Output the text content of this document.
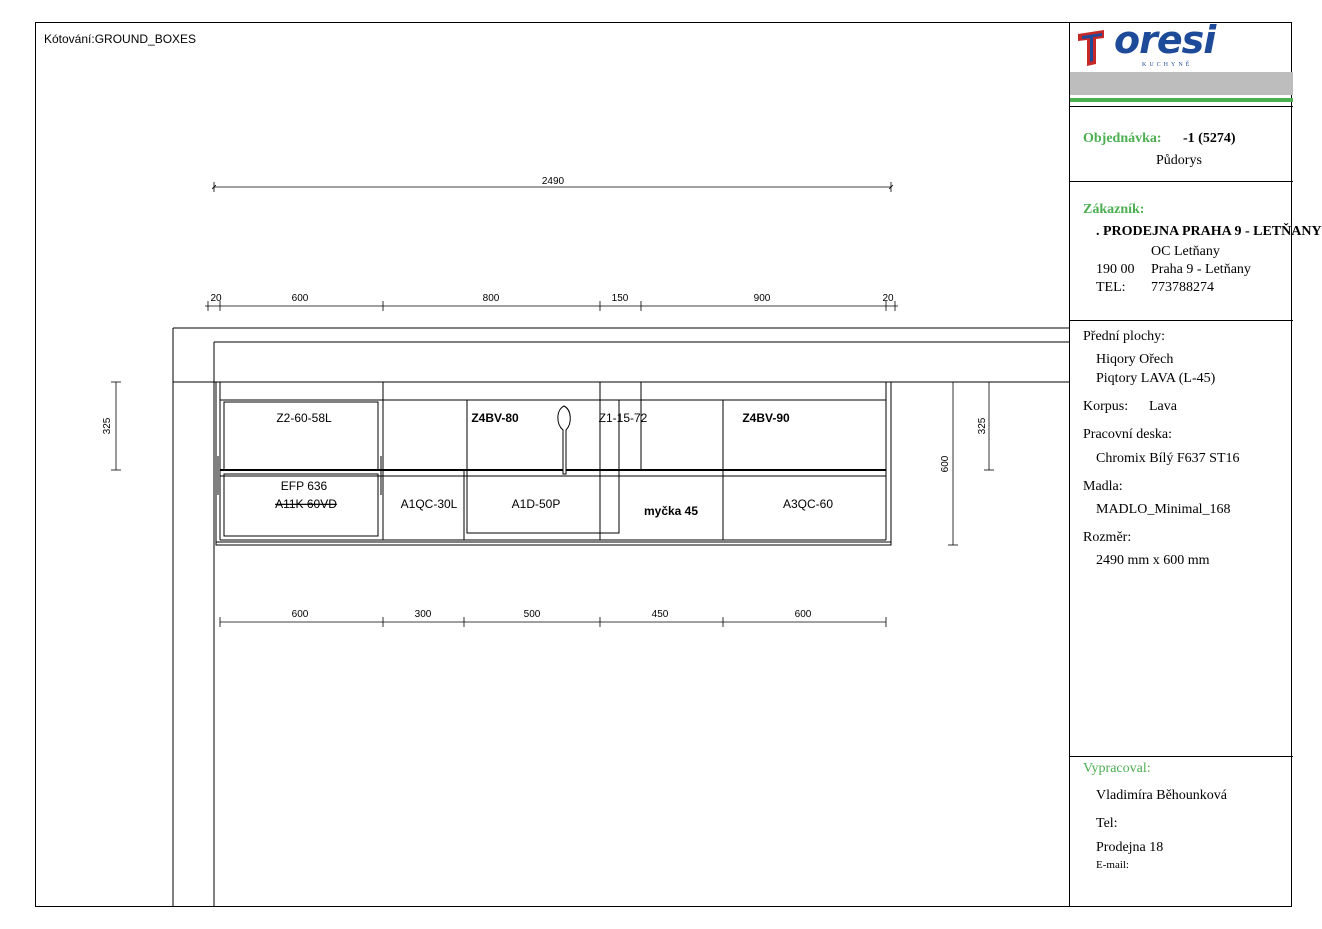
Z2-60-58L
EFP 636
A11K 60VD	A1QC-30L
Z4BV-80
A1D-50P
Z1-15-72
myčka 45
Z4BV-90
A3QC-60
2490
20	600	800	150	900	20
600	300	500	450	600
325
600
325
Kótování:GROUND_BOXES	oresi
KUCHYNĚ
Objednávka: -1 (5274)
Půdorys
Zákazník:
. PRODEJNA PRAHA 9 - LETŇANY
OC Letňany
190 00 Praha 9 - Letňany
TEL: 773788274
Přední plochy:
Hiqory Ořech
Piqtory LAVA (L-45)
Korpus: Lava
Pracovní deska:
Chromix Bílý F637 ST16
Madla:
MADLO_Minimal_168
Rozměr:
2490 mm x 600 mm
Vypracoval:
Vladimíra Běhounková
Tel:
Prodejna 18
E-mail:
